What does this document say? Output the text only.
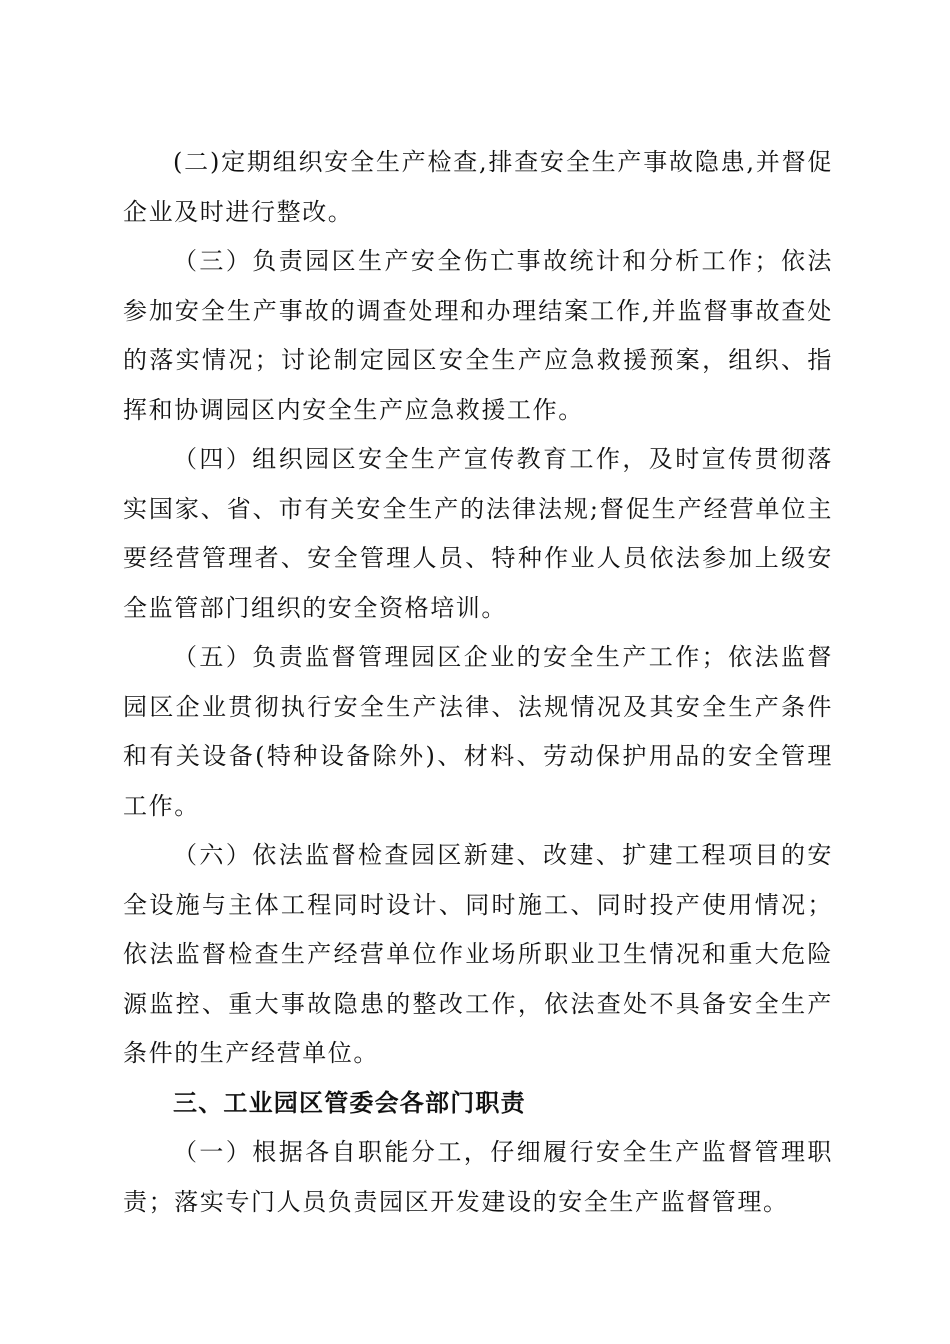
(二)定期组织安全生产检查,排查安全生产事故隐患,并督促企业及时进行整改。

（三）负责园区生产安全伤亡事故统计和分析工作；依法参加安全生产事故的调查处理和办理结案工作,并监督事故查处的落实情况；讨论制定园区安全生产应急救援预案，组织、指挥和协调园区内安全生产应急救援工作。

（四）组织园区安全生产宣传教育工作，及时宣传贯彻落实国家、省、市有关安全生产的法律法规;督促生产经营单位主要经营管理者、安全管理人员、特种作业人员依法参加上级安全监管部门组织的安全资格培训。

（五）负责监督管理园区企业的安全生产工作；依法监督园区企业贯彻执行安全生产法律、法规情况及其安全生产条件和有关设备(特种设备除外)、材料、劳动保护用品的安全管理工作。

（六）依法监督检查园区新建、改建、扩建工程项目的安全设施与主体工程同时设计、同时施工、同时投产使用情况；依法监督检查生产经营单位作业场所职业卫生情况和重大危险源监控、重大事故隐患的整改工作，依法查处不具备安全生产条件的生产经营单位。

三、工业园区管委会各部门职责

（一）根据各自职能分工，仔细履行安全生产监督管理职责；落实专门人员负责园区开发建设的安全生产监督管理。
